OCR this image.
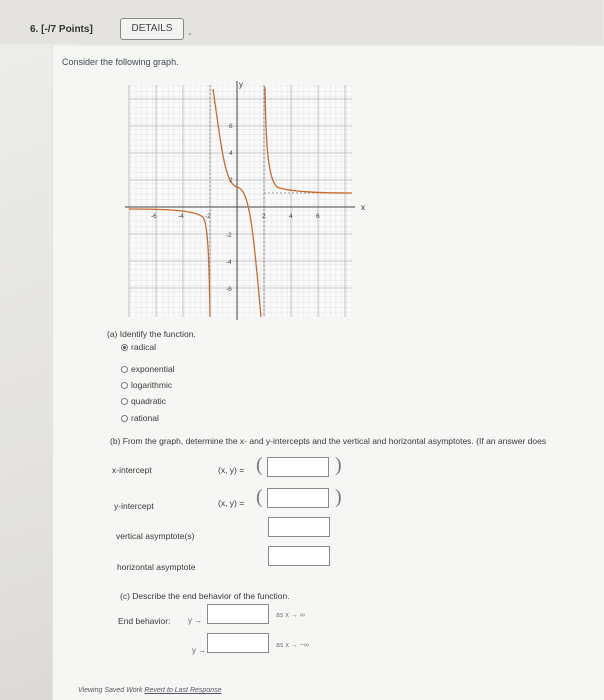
6. [-/7 Points]	DETAILS
Consider the following graph.
y
x
-6	-4	-2	2	4	6
6
4
2
-2
-4
-6
(a) Identify the function.
radical
exponential
logarithmic
quadratic
rational
(b) From the graph, determine the x- and y-intercepts and the vertical and horizontal asymptotes. (If an answer does
x-intercept	(x, y) = (	)
y-intercept	(x, y) = (	)
vertical asymptote(s)
horizontal asymptote
(c) Describe the end behavior of the function.
End behavior: y →
as x → ∞
y →
as x → −∞
Viewing Saved Work Revert to Last Response
